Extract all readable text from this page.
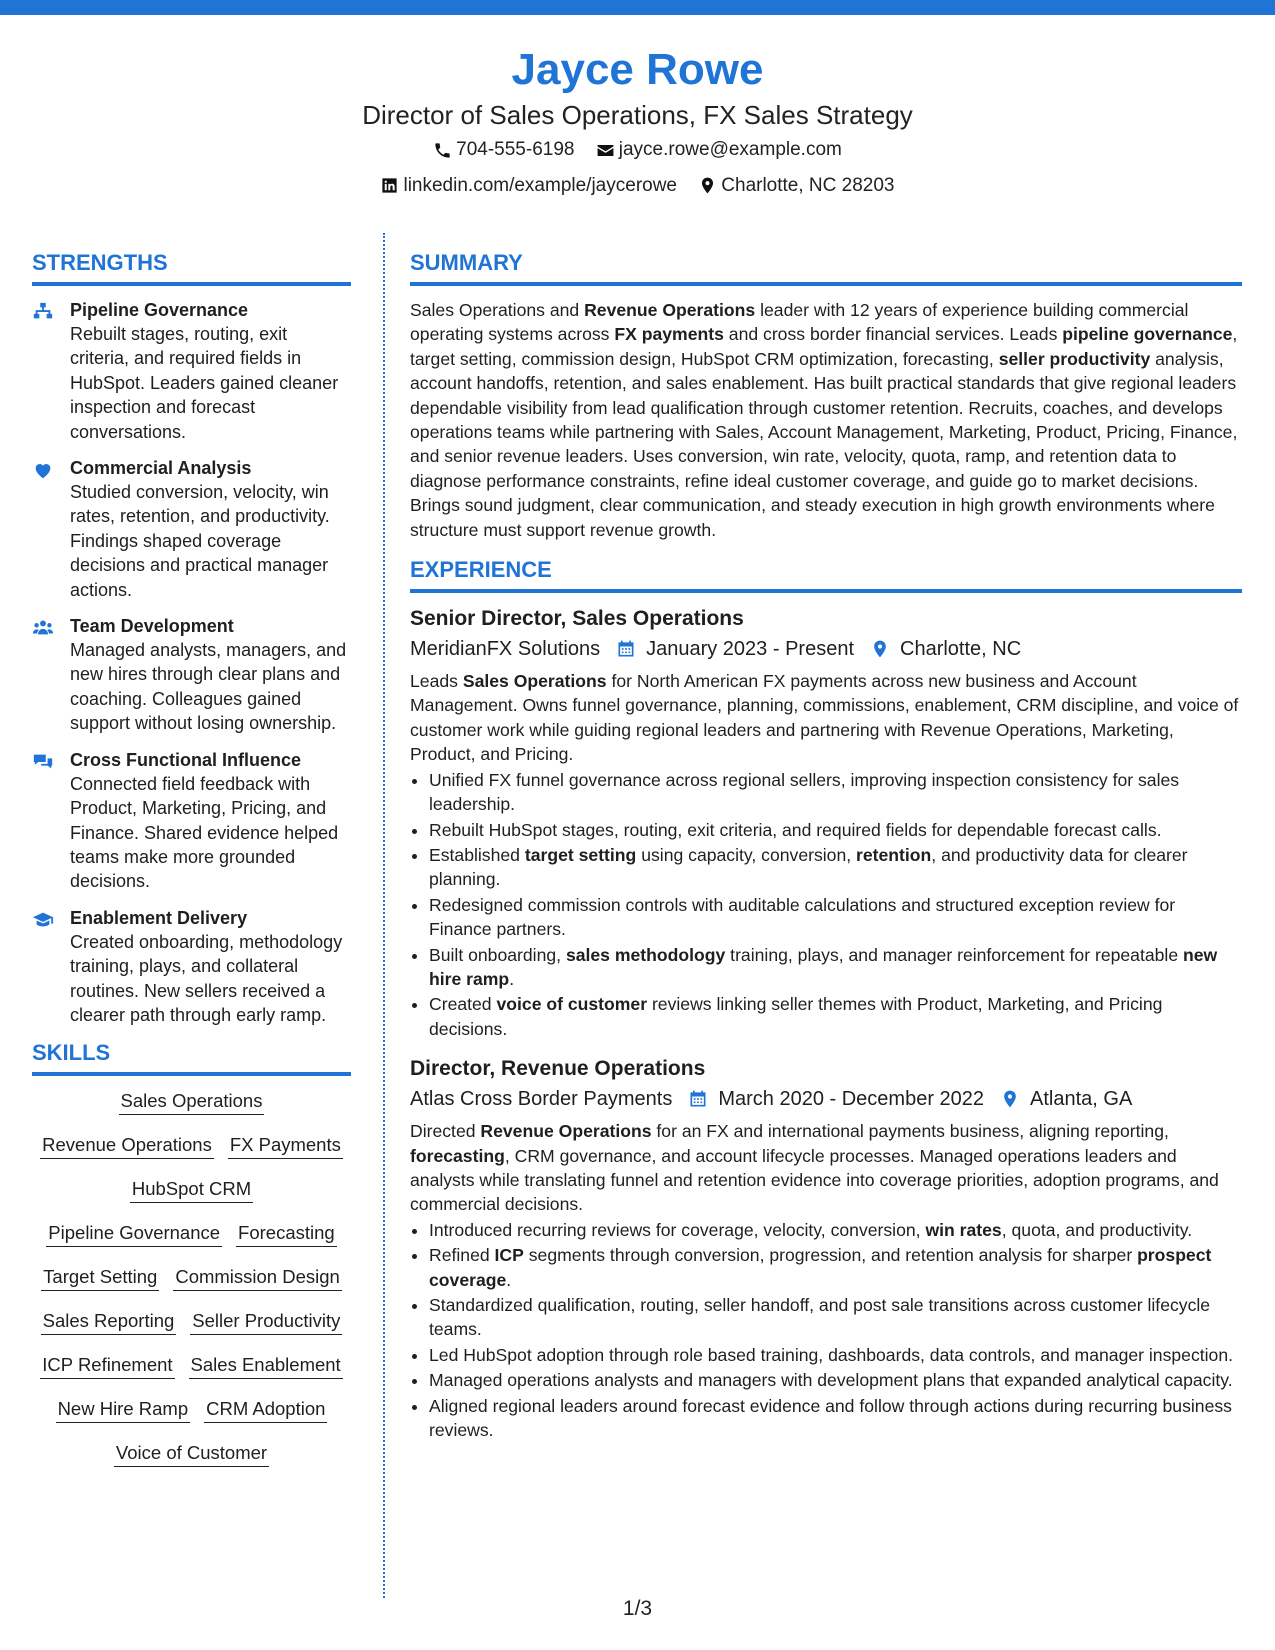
Jayce Rowe
Director of Sales Operations, FX Sales Strategy
704-555-6198
jayce.rowe@example.com
linkedin.com/example/jaycerowe
Charlotte, NC 28203
STRENGTHS
Pipeline Governance
Rebuilt stages, routing, exit criteria, and required fields in HubSpot. Leaders gained cleaner inspection and forecast conversations.
Commercial Analysis
Studied conversion, velocity, win rates, retention, and productivity. Findings shaped coverage decisions and practical manager actions.
Team Development
Managed analysts, managers, and new hires through clear plans and coaching. Colleagues gained support without losing ownership.
Cross Functional Influence
Connected field feedback with Product, Marketing, Pricing, and Finance. Shared evidence helped teams make more grounded decisions.
Enablement Delivery
Created onboarding, methodology training, plays, and collateral routines. New sellers received a clearer path through early ramp.
SKILLS
Sales Operations
Revenue Operations FX Payments
HubSpot CRM
Pipeline Governance Forecasting
Target Setting Commission Design
Sales Reporting Seller Productivity
ICP Refinement Sales Enablement
New Hire Ramp CRM Adoption
Voice of Customer
SUMMARY
Sales Operations and Revenue Operations leader with 12 years of experience building commercial operating systems across FX payments and cross border financial services. Leads pipeline governance, target setting, commission design, HubSpot CRM optimization, forecasting, seller productivity analysis, account handoffs, retention, and sales enablement. Has built practical standards that give regional leaders dependable visibility from lead qualification through customer retention. Recruits, coaches, and develops operations teams while partnering with Sales, Account Management, Marketing, Product, Pricing, Finance, and senior revenue leaders. Uses conversion, win rate, velocity, quota, ramp, and retention data to diagnose performance constraints, refine ideal customer coverage, and guide go to market decisions. Brings sound judgment, clear communication, and steady execution in high growth environments where structure must support revenue growth.
EXPERIENCE
Senior Director, Sales Operations
MeridianFX Solutions January 2023 - Present Charlotte, NC
Leads Sales Operations for North American FX payments across new business and Account Management. Owns funnel governance, planning, commissions, enablement, CRM discipline, and voice of customer work while guiding regional leaders and partnering with Revenue Operations, Marketing, Product, and Pricing.
• Unified FX funnel governance across regional sellers, improving inspection consistency for sales leadership.
• Rebuilt HubSpot stages, routing, exit criteria, and required fields for dependable forecast calls.
• Established target setting using capacity, conversion, retention, and productivity data for clearer planning.
• Redesigned commission controls with auditable calculations and structured exception review for Finance partners.
• Built onboarding, sales methodology training, plays, and manager reinforcement for repeatable new hire ramp.
• Created voice of customer reviews linking seller themes with Product, Marketing, and Pricing decisions.
Director, Revenue Operations
Atlas Cross Border Payments March 2020 - December 2022 Atlanta, GA
Directed Revenue Operations for an FX and international payments business, aligning reporting, forecasting, CRM governance, and account lifecycle processes. Managed operations leaders and analysts while translating funnel and retention evidence into coverage priorities, adoption programs, and commercial decisions.
• Introduced recurring reviews for coverage, velocity, conversion, win rates, quota, and productivity.
• Refined ICP segments through conversion, progression, and retention analysis for sharper prospect coverage.
• Standardized qualification, routing, seller handoff, and post sale transitions across customer lifecycle teams.
• Led HubSpot adoption through role based training, dashboards, data controls, and manager inspection.
• Managed operations analysts and managers with development plans that expanded analytical capacity.
• Aligned regional leaders around forecast evidence and follow through actions during recurring business reviews.
1/3
